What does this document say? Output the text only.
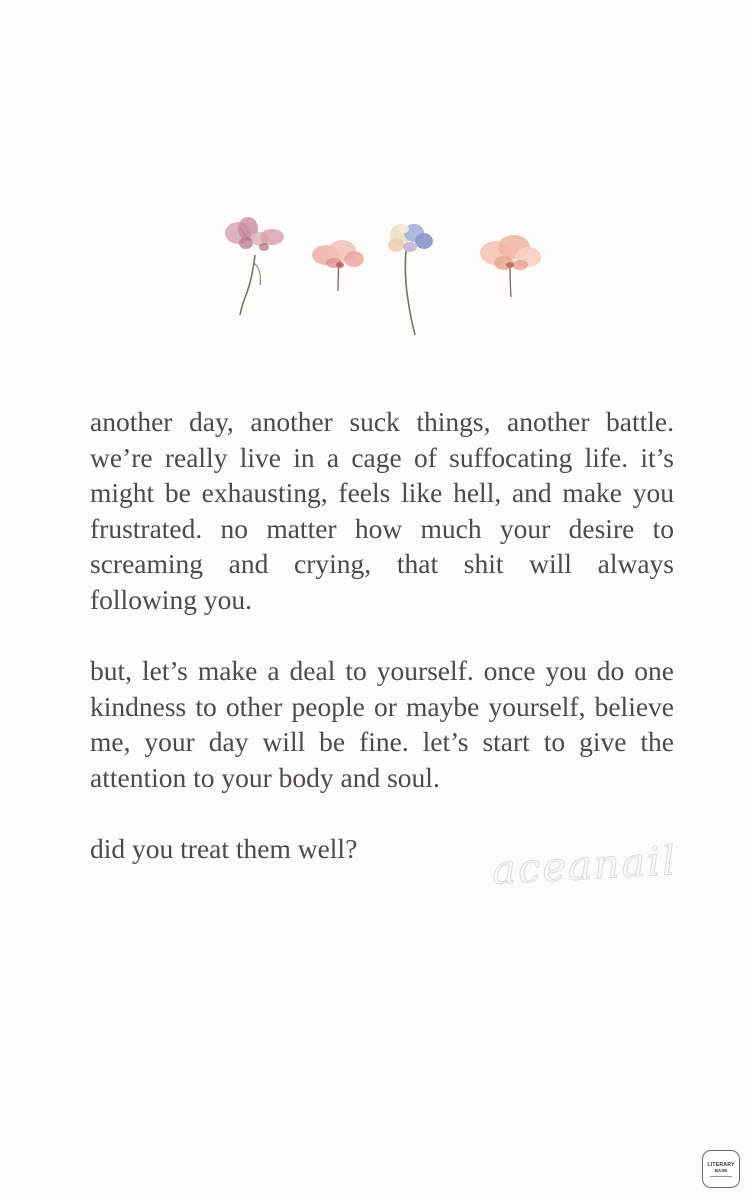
another day, another suck things, another battle. we’re really live in a cage of suffocating life. it’s might be exhausting, feels like hell, and make you frustrated. no matter how much your desire to screaming and crying, that shit will always following you.

but, let’s make a deal to yourself. once you do one kindness to other people or maybe yourself, believe me, your day will be fine. let’s start to give the attention to your body and soul.

did you treat them well?	aceanail
LITERARY
BASE
